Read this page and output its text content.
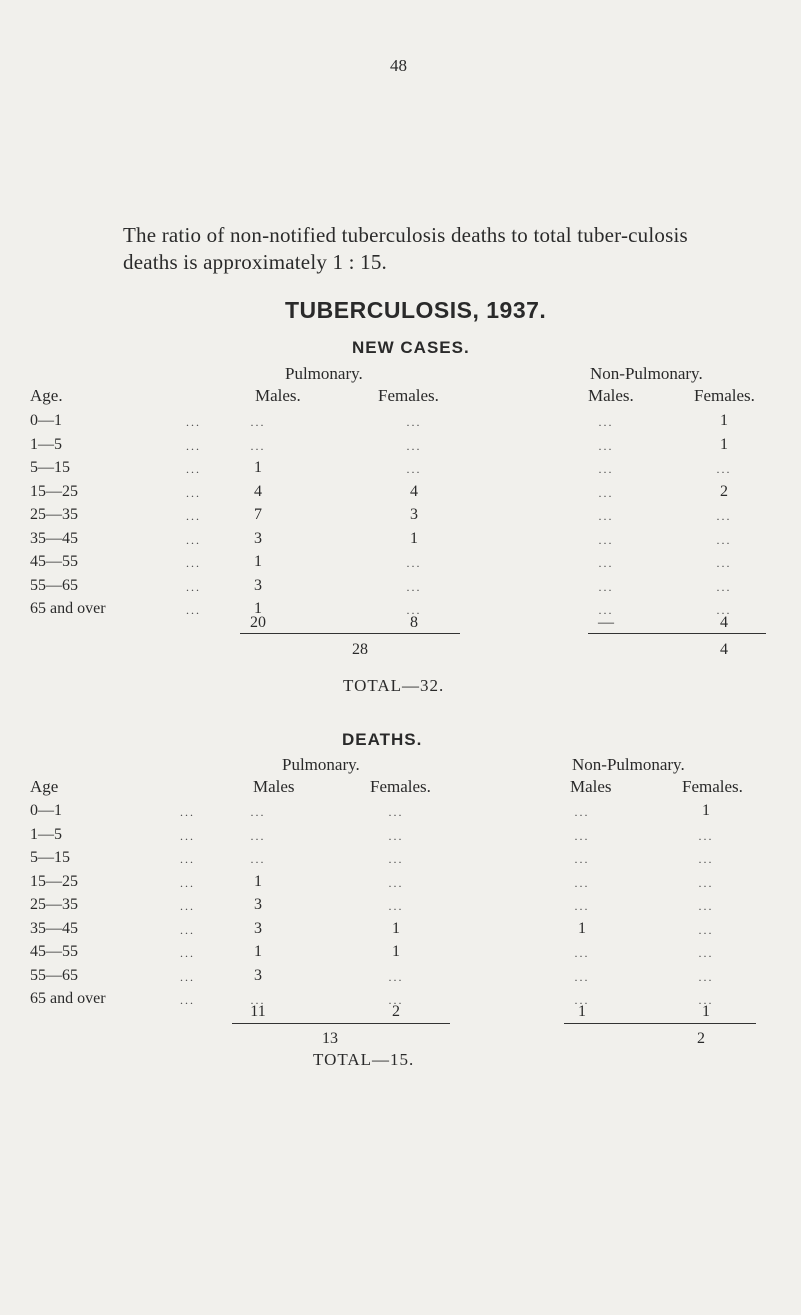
48
The ratio of non-notified tuberculosis deaths to total tuber-culosis deaths is approximately 1 : 15.
TUBERCULOSIS, 1937.
NEW CASES.
Pulmonary.	Non-Pulmonary.
Age.	Males.	Females.	Males.	Females.
0—1	...	...	...	...	1
1—5	...	...	...	...	1
5—15	...	1	...	...	...
15—25	...	4	4	...	2
25—35	...	7	3	...	...
35—45	...	3	1	...	...
45—55	...	1	...	...	...
55—65	...	3	...	...	...
65 and over	...	1	...	...	...
20	8	—	4
28	4
TOTAL—32.
DEATHS.
Pulmonary.	Non-Pulmonary.
Age	Males	Females.	Males	Females.
0—1	...	...	...	...	1
1—5	...	...	...	...	...
5—15	...	...	...	...	...
15—25	...	1	...	...	...
25—35	...	3	...	...	...
35—45	...	3	1	1	...
45—55	...	1	1	...	...
55—65	...	3	...	...	...
65 and over	...	...	...	...	...
11	2	1	1
13	2
TOTAL—15.
